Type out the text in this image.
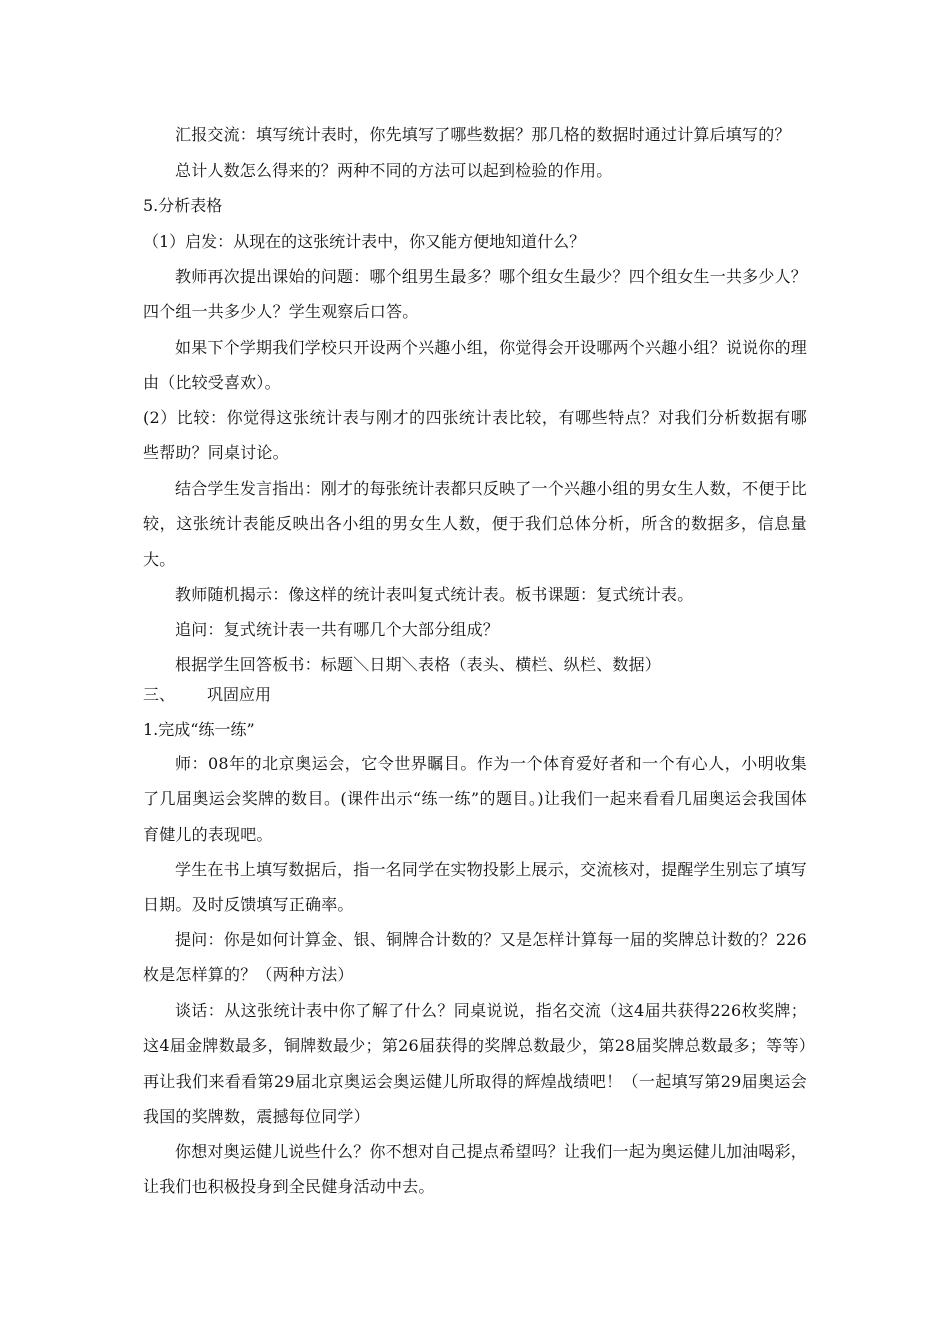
汇报交流：填写统计表时，你先填写了哪些数据？那几格的数据时通过计算后填写的？

总计人数怎么得来的？两种不同的方法可以起到检验的作用。

5.分析表格

（1）启发：从现在的这张统计表中，你又能方便地知道什么？

教师再次提出课始的问题：哪个组男生最多？哪个组女生最少？四个组女生一共多少人？四个组一共多少人？学生观察后口答。

如果下个学期我们学校只开设两个兴趣小组，你觉得会开设哪两个兴趣小组？说说你的理由（比较受喜欢）。

(2）比较：你觉得这张统计表与刚才的四张统计表比较，有哪些特点？对我们分析数据有哪些帮助？同桌讨论。

结合学生发言指出：刚才的每张统计表都只反映了一个兴趣小组的男女生人数，不便于比较，这张统计表能反映出各小组的男女生人数，便于我们总体分析，所含的数据多，信息量大。

教师随机揭示：像这样的统计表叫复式统计表。板书课题：复式统计表。

追问：复式统计表一共有哪几个大部分组成？

根据学生回答板书：标题＼日期＼表格（表头、横栏、纵栏、数据）

三、 巩固应用

1.完成“练一练”

师：08年的北京奥运会，它令世界瞩目。作为一个体育爱好者和一个有心人，小明收集了几届奥运会奖牌的数目。(课件出示“练一练”的题目。)让我们一起来看看几届奥运会我国体育健儿的表现吧。

学生在书上填写数据后，指一名同学在实物投影上展示，交流核对，提醒学生别忘了填写日期。及时反馈填写正确率。

提问：你是如何计算金、银、铜牌合计数的？又是怎样计算每一届的奖牌总计数的？226枚是怎样算的？（两种方法）

谈话：从这张统计表中你了解了什么？同桌说说，指名交流（这4届共获得226枚奖牌；这4届金牌数最多，铜牌数最少；第26届获得的奖牌总数最少，第28届奖牌总数最多；等等）再让我们来看看第29届北京奥运会奥运健儿所取得的辉煌战绩吧！（一起填写第29届奥运会我国的奖牌数，震撼每位同学）

你想对奥运健儿说些什么？你不想对自己提点希望吗？让我们一起为奥运健儿加油喝彩，让我们也积极投身到全民健身活动中去。
